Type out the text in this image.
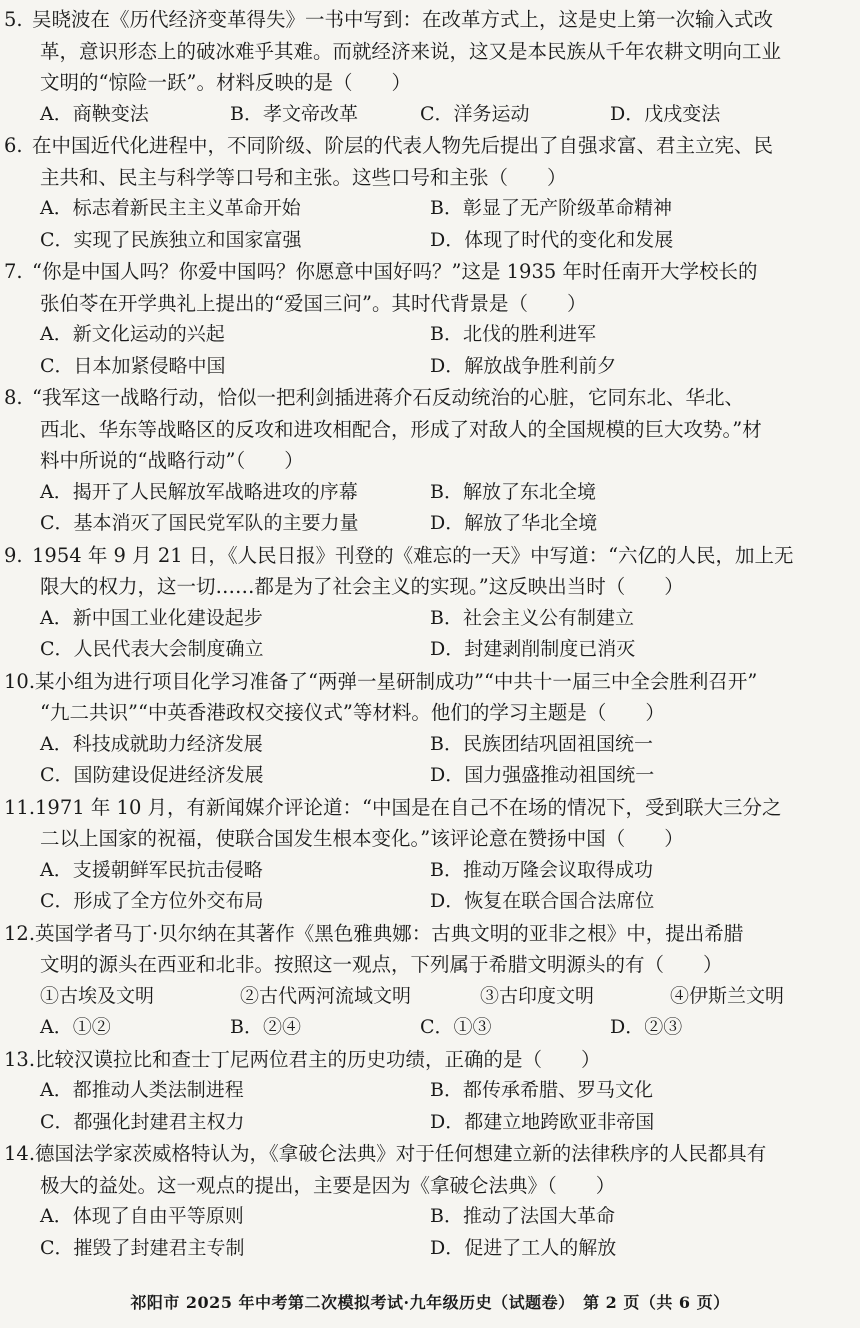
5. 吴晓波在《历代经济变革得失》一书中写到：在改革方式上，这是史上第一次输入式改
革，意识形态上的破冰难乎其难。而就经济来说，这又是本民族从千年农耕文明向工业
文明的“惊险一跃”。材料反映的是（　　）
A．商鞅变法	B．孝文帝改革	C．洋务运动	D．戊戌变法
6. 在中国近代化进程中，不同阶级、阶层的代表人物先后提出了自强求富、君主立宪、民
主共和、民主与科学等口号和主张。这些口号和主张（　　）
A．标志着新民主主义革命开始	B．彰显了无产阶级革命精神
C．实现了民族独立和国家富强	D．体现了时代的变化和发展
7. “你是中国人吗？你爱中国吗？你愿意中国好吗？”这是 1935 年时任南开大学校长的
张伯苓在开学典礼上提出的“爱国三问”。其时代背景是（　　）
A．新文化运动的兴起	B．北伐的胜利进军
C．日本加紧侵略中国	D．解放战争胜利前夕
8. “我军这一战略行动，恰似一把利剑插进蒋介石反动统治的心脏，它同东北、华北、
西北、华东等战略区的反攻和进攻相配合，形成了对敌人的全国规模的巨大攻势。”材
料中所说的“战略行动”（　　）
A．揭开了人民解放军战略进攻的序幕	B．解放了东北全境
C．基本消灭了国民党军队的主要力量	D．解放了华北全境
9. 1954 年 9 月 21 日，《人民日报》刊登的《难忘的一天》中写道：“六亿的人民，加上无
限大的权力，这一切……都是为了社会主义的实现。”这反映出当时（　　）
A．新中国工业化建设起步	B．社会主义公有制建立
C．人民代表大会制度确立	D．封建剥削制度已消灭
10.某小组为进行项目化学习准备了“两弹一星研制成功”“中共十一届三中全会胜利召开”
“九二共识”“中英香港政权交接仪式”等材料。他们的学习主题是（　　）
A．科技成就助力经济发展	B．民族团结巩固祖国统一
C．国防建设促进经济发展	D．国力强盛推动祖国统一
11.1971 年 10 月，有新闻媒介评论道：“中国是在自己不在场的情况下，受到联大三分之
二以上国家的祝福，使联合国发生根本变化。”该评论意在赞扬中国（　　）
A．支援朝鲜军民抗击侵略	B．推动万隆会议取得成功
C．形成了全方位外交布局	D．恢复在联合国合法席位
12.英国学者马丁·贝尔纳在其著作《黑色雅典娜：古典文明的亚非之根》中，提出希腊
文明的源头在西亚和北非。按照这一观点，下列属于希腊文明源头的有（　　）
①古埃及文明	②古代两河流域文明	③古印度文明	④伊斯兰文明
A．①②	B．②④	C．①③	D．②③
13.比较汉谟拉比和查士丁尼两位君主的历史功绩，正确的是（　　）
A．都推动人类法制进程	B．都传承希腊、罗马文化
C．都强化封建君主权力	D．都建立地跨欧亚非帝国
14.德国法学家茨威格特认为，《拿破仑法典》对于任何想建立新的法律秩序的人民都具有
极大的益处。这一观点的提出，主要是因为《拿破仑法典》（　　）
A．体现了自由平等原则	B．推动了法国大革命
C．摧毁了封建君主专制	D．促进了工人的解放
祁阳市 2025 年中考第二次模拟考试·九年级历史（试题卷）　第 2 页（共 6 页）
